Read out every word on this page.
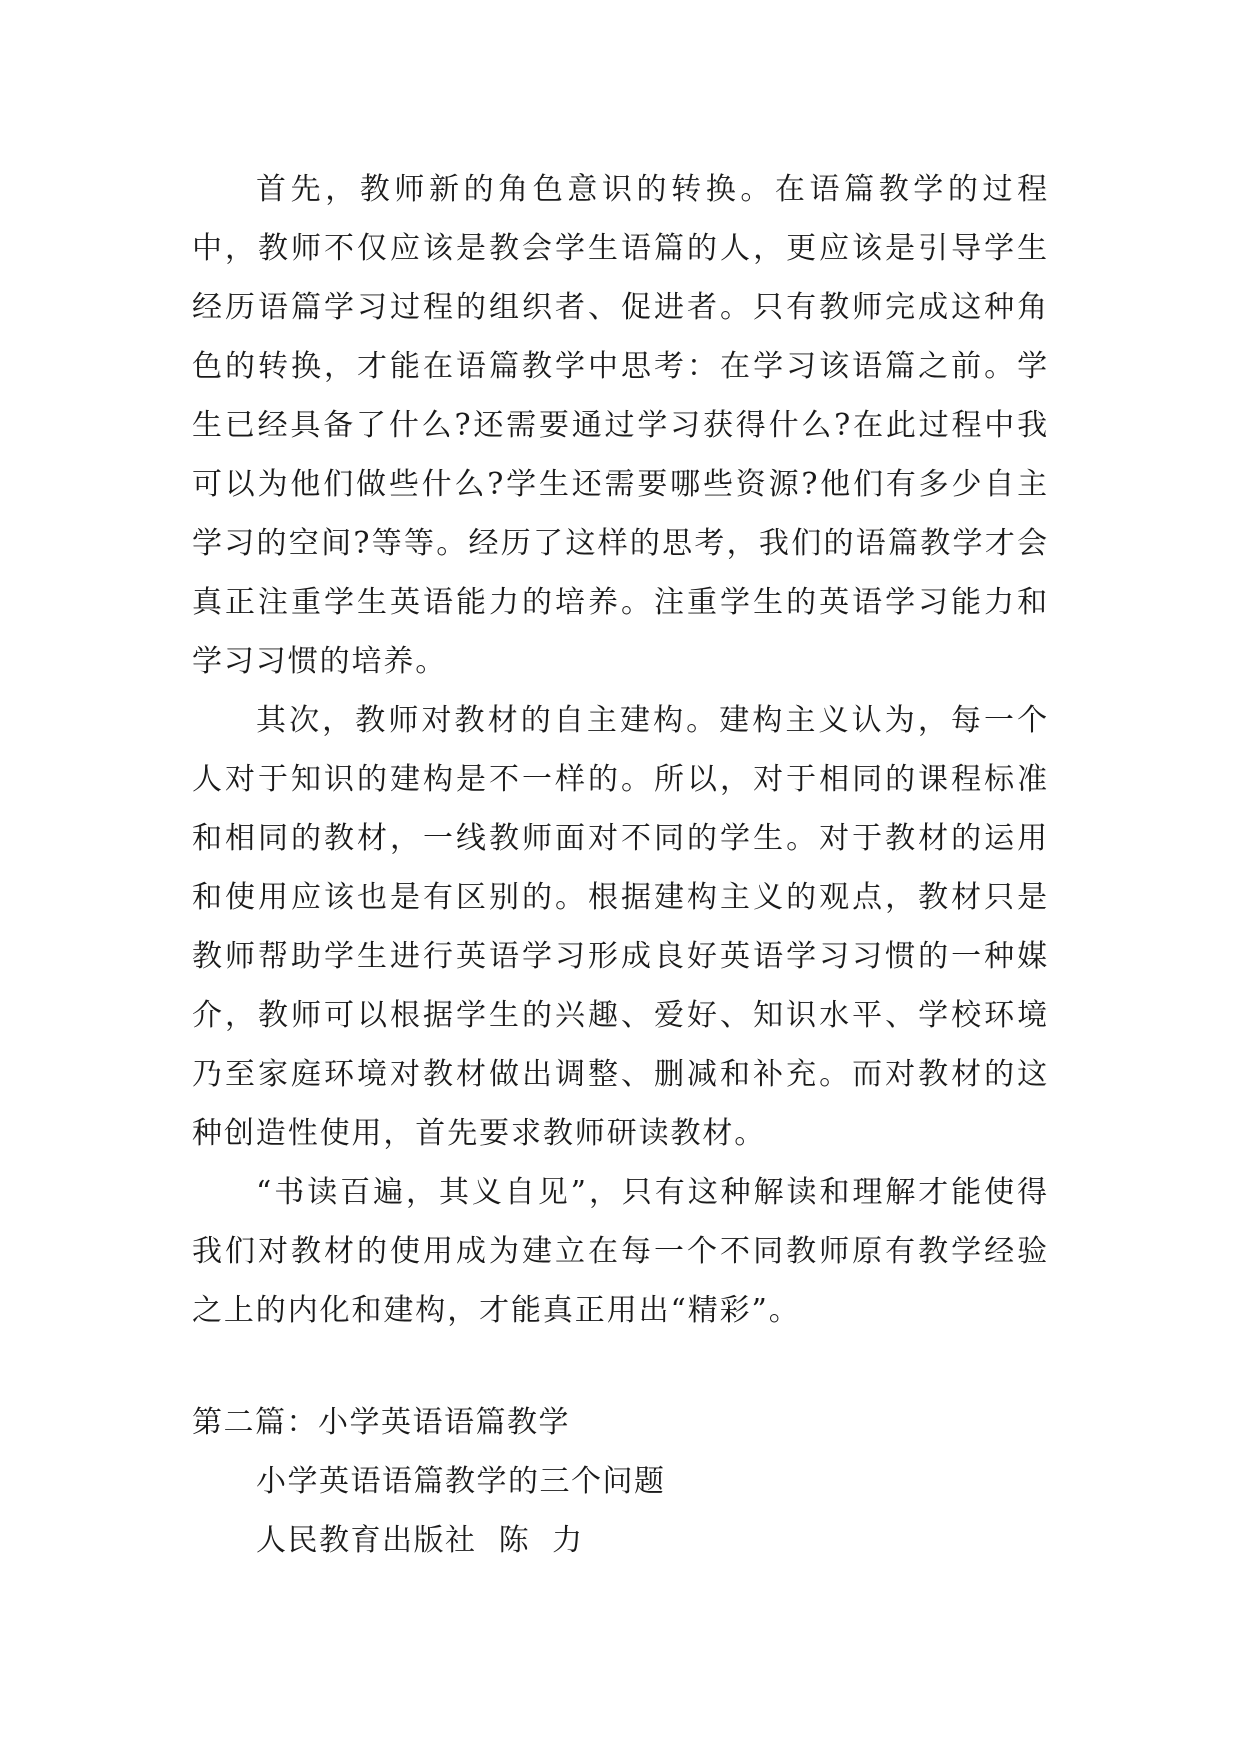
首先，教师新的角色意识的转换。在语篇教学的过程中，教师不仅应该是教会学生语篇的人，更应该是引导学生经历语篇学习过程的组织者、促进者。只有教师完成这种角色的转换，才能在语篇教学中思考：在学习该语篇之前。学生已经具备了什么?还需要通过学习获得什么?在此过程中我可以为他们做些什么?学生还需要哪些资源?他们有多少自主学习的空间?等等。经历了这样的思考，我们的语篇教学才会真正注重学生英语能力的培养。注重学生的英语学习能力和学习习惯的培养。

其次，教师对教材的自主建构。建构主义认为，每一个人对于知识的建构是不一样的。所以，对于相同的课程标准和相同的教材，一线教师面对不同的学生。对于教材的运用和使用应该也是有区别的。根据建构主义的观点，教材只是教师帮助学生进行英语学习形成良好英语学习习惯的一种媒介，教师可以根据学生的兴趣、爱好、知识水平、学校环境乃至家庭环境对教材做出调整、删减和补充。而对教材的这种创造性使用，首先要求教师研读教材。

“书读百遍，其义自见”，只有这种解读和理解才能使得我们对教材的使用成为建立在每一个不同教师原有教学经验之上的内化和建构，才能真正用出“精彩”。

第二篇：小学英语语篇教学

小学英语语篇教学的三个问题

人民教育出版社  陈  力
